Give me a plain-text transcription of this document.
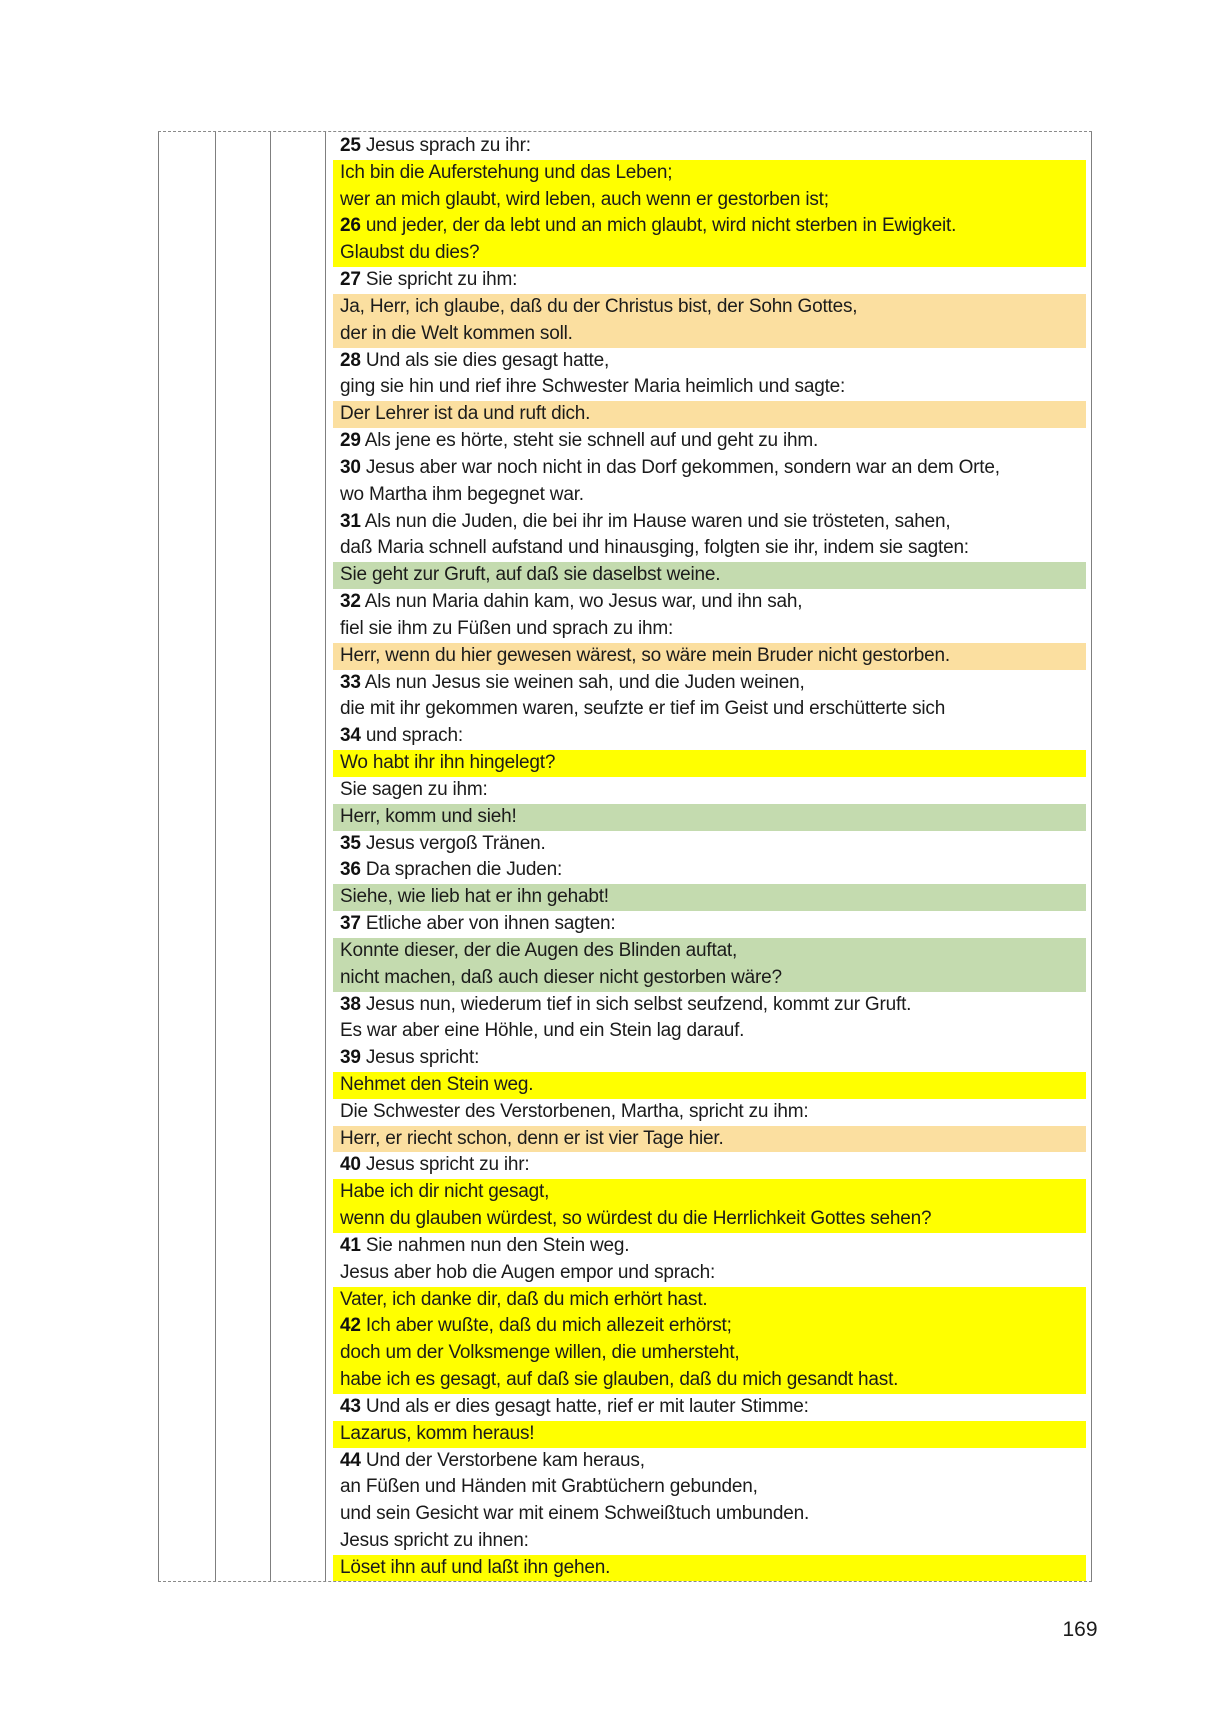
25 Jesus sprach zu ihr:
Ich bin die Auferstehung und das Leben;
wer an mich glaubt, wird leben, auch wenn er gestorben ist;
26 und jeder, der da lebt und an mich glaubt, wird nicht sterben in Ewigkeit.
Glaubst du dies?
27 Sie spricht zu ihm:
Ja, Herr, ich glaube, daß du der Christus bist, der Sohn Gottes,
der in die Welt kommen soll.
28 Und als sie dies gesagt hatte,
ging sie hin und rief ihre Schwester Maria heimlich und sagte:
Der Lehrer ist da und ruft dich.
29 Als jene es hörte, steht sie schnell auf und geht zu ihm.
30 Jesus aber war noch nicht in das Dorf gekommen, sondern war an dem Orte,
wo Martha ihm begegnet war.
31 Als nun die Juden, die bei ihr im Hause waren und sie trösteten, sahen,
daß Maria schnell aufstand und hinausging, folgten sie ihr, indem sie sagten:
Sie geht zur Gruft, auf daß sie daselbst weine.
32 Als nun Maria dahin kam, wo Jesus war, und ihn sah,
fiel sie ihm zu Füßen und sprach zu ihm:
Herr, wenn du hier gewesen wärest, so wäre mein Bruder nicht gestorben.
33 Als nun Jesus sie weinen sah, und die Juden weinen,
die mit ihr gekommen waren, seufzte er tief im Geist und erschütterte sich
34 und sprach:
Wo habt ihr ihn hingelegt?
Sie sagen zu ihm:
Herr, komm und sieh!
35 Jesus vergoß Tränen.
36 Da sprachen die Juden:
Siehe, wie lieb hat er ihn gehabt!
37 Etliche aber von ihnen sagten:
Konnte dieser, der die Augen des Blinden auftat,
nicht machen, daß auch dieser nicht gestorben wäre?
38 Jesus nun, wiederum tief in sich selbst seufzend, kommt zur Gruft.
Es war aber eine Höhle, und ein Stein lag darauf.
39 Jesus spricht:
Nehmet den Stein weg.
Die Schwester des Verstorbenen, Martha, spricht zu ihm:
Herr, er riecht schon, denn er ist vier Tage hier.
40 Jesus spricht zu ihr:
Habe ich dir nicht gesagt,
wenn du glauben würdest, so würdest du die Herrlichkeit Gottes sehen?
41 Sie nahmen nun den Stein weg.
Jesus aber hob die Augen empor und sprach:
Vater, ich danke dir, daß du mich erhört hast.
42 Ich aber wußte, daß du mich allezeit erhörst;
doch um der Volksmenge willen, die umhersteht,
habe ich es gesagt, auf daß sie glauben, daß du mich gesandt hast.
43 Und als er dies gesagt hatte, rief er mit lauter Stimme:
Lazarus, komm heraus!
44 Und der Verstorbene kam heraus,
an Füßen und Händen mit Grabtüchern gebunden,
und sein Gesicht war mit einem Schweißtuch umbunden.
Jesus spricht zu ihnen:
Löset ihn auf und laßt ihn gehen.
169
